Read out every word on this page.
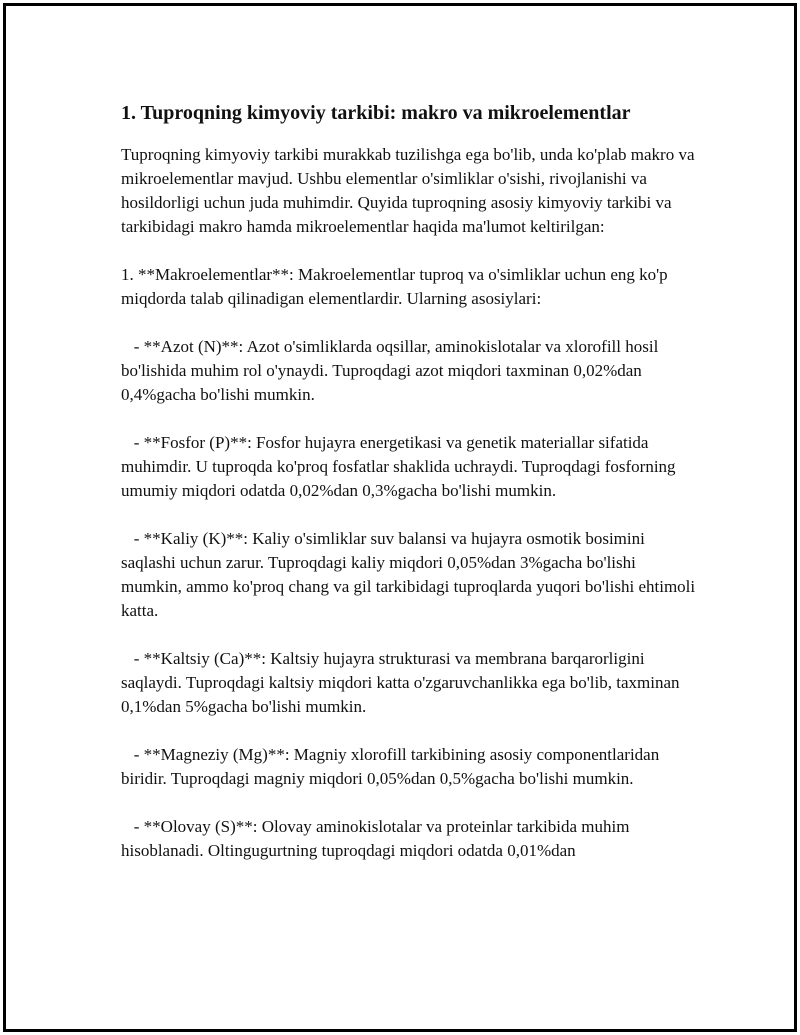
1. Tuproqning kimyoviy tarkibi: makro va mikroelementlar

Tuproqning kimyoviy tarkibi murakkab tuzilishga ega bo'lib, unda ko'plab makro va mikroelementlar mavjud. Ushbu elementlar o'simliklar o'sishi, rivojlanishi va hosildorligi uchun juda muhimdir. Quyida tuproqning asosiy kimyoviy tarkibi va tarkibidagi makro hamda mikroelementlar haqida ma'lumot keltirilgan:

1. **Makroelementlar**: Makroelementlar tuproq va o'simliklar uchun eng ko'p miqdorda talab qilinadigan elementlardir. Ularning asosiylari:

- **Azot (N)**: Azot o'simliklarda oqsillar, aminokislotalar va xlorofill hosil bo'lishida muhim rol o'ynaydi. Tuproqdagi azot miqdori taxminan 0,02%dan 0,4%gacha bo'lishi mumkin.

- **Fosfor (P)**: Fosfor hujayra energetikasi va genetik materiallar sifatida muhimdir. U tuproqda ko'proq fosfatlar shaklida uchraydi. Tuproqdagi fosforning umumiy miqdori odatda 0,02%dan 0,3%gacha bo'lishi mumkin.

- **Kaliy (K)**: Kaliy o'simliklar suv balansi va hujayra osmotik bosimini saqlashi uchun zarur. Tuproqdagi kaliy miqdori 0,05%dan 3%gacha bo'lishi mumkin, ammo ko'proq chang va gil tarkibidagi tuproqlarda yuqori bo'lishi ehtimoli katta.

- **Kaltsiy (Ca)**: Kaltsiy hujayra strukturasi va membrana barqarorligini saqlaydi. Tuproqdagi kaltsiy miqdori katta o'zgaruvchanlikka ega bo'lib, taxminan 0,1%dan 5%gacha bo'lishi mumkin.

- **Magneziy (Mg)**: Magniy xlorofill tarkibining asosiy componentlaridan biridir. Tuproqdagi magniy miqdori 0,05%dan 0,5%gacha bo'lishi mumkin.

- **Olovay (S)**: Olovay aminokislotalar va proteinlar tarkibida muhim hisoblanadi. Oltingugurtning tuproqdagi miqdori odatda 0,01%dan
